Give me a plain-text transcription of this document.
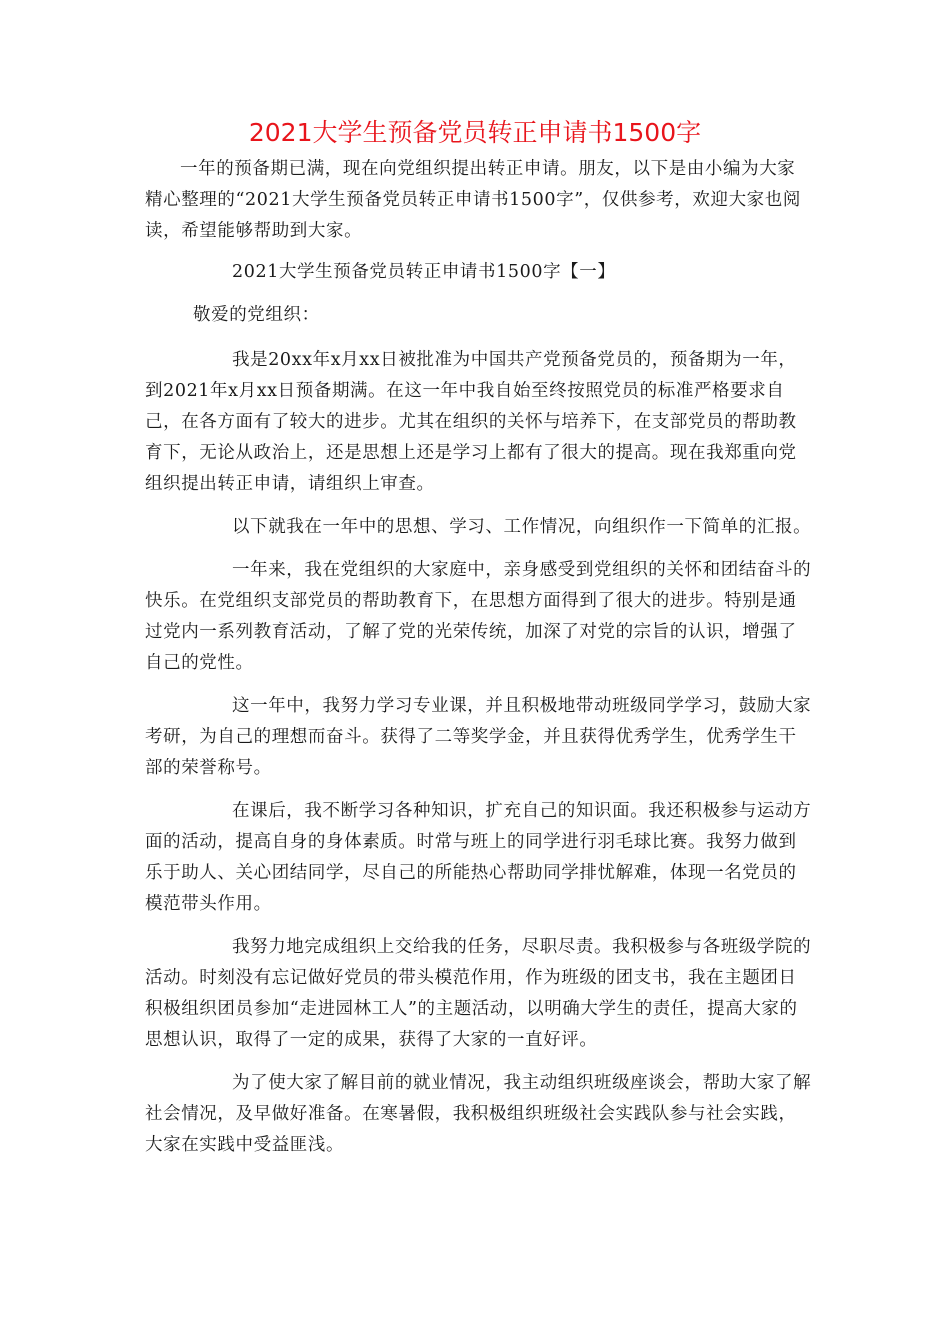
2021大学生预备党员转正申请书1500字

一年的预备期已满，现在向党组织提出转正申请。朋友，以下是由小编为大家精心整理的“2021大学生预备党员转正申请书1500字”，仅供参考，欢迎大家也阅读，希望能够帮助到大家。

2021大学生预备党员转正申请书1500字【一】

敬爱的党组织：

我是20xx年x月xx日被批准为中国共产党预备党员的，预备期为一年，到2021年x月xx日预备期满。在这一年中我自始至终按照党员的标准严格要求自己，在各方面有了较大的进步。尤其在组织的关怀与培养下，在支部党员的帮助教育下，无论从政治上，还是思想上还是学习上都有了很大的提高。现在我郑重向党组织提出转正申请，请组织上审查。

以下就我在一年中的思想、学习、工作情况，向组织作一下简单的汇报。

一年来，我在党组织的大家庭中，亲身感受到党组织的关怀和团结奋斗的快乐。在党组织支部党员的帮助教育下，在思想方面得到了很大的进步。特别是通过党内一系列教育活动，了解了党的光荣传统，加深了对党的宗旨的认识，增强了自己的党性。

这一年中，我努力学习专业课，并且积极地带动班级同学学习，鼓励大家考研，为自己的理想而奋斗。获得了二等奖学金，并且获得优秀学生，优秀学生干部的荣誉称号。

在课后，我不断学习各种知识，扩充自己的知识面。我还积极参与运动方面的活动，提高自身的身体素质。时常与班上的同学进行羽毛球比赛。我努力做到乐于助人、关心团结同学，尽自己的所能热心帮助同学排忧解难，体现一名党员的模范带头作用。

我努力地完成组织上交给我的任务，尽职尽责。我积极参与各班级学院的活动。时刻没有忘记做好党员的带头模范作用，作为班级的团支书，我在主题团日积极组织团员参加“走进园林工人”的主题活动，以明确大学生的责任，提高大家的思想认识，取得了一定的成果，获得了大家的一直好评。

为了使大家了解目前的就业情况，我主动组织班级座谈会，帮助大家了解社会情况，及早做好准备。在寒暑假，我积极组织班级社会实践队参与社会实践，大家在实践中受益匪浅。
